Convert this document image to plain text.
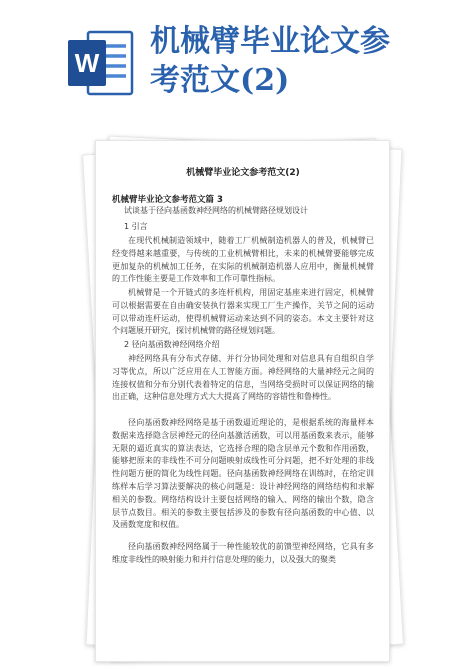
W
机械臂毕业论文参
考范文(2)
机械臂毕业论文参考范文(2)
机械臂毕业论文参考范文篇 3
试谈基于径向基函数神经网络的机械臂路径规划设计
1 引言

在现代机械制造领域中，随着工厂机械制造机器人的普及，机械臂已经变得越来越重要，与传统的工业机械臂相比，未来的机械臂要能够完成更加复杂的机械加工任务，在实际的机械制造机器人应用中，衡量机械臂的工作性能主要是工作效率和工作可靠性指标。

机械臂是一个开链式的多连杆机构，用固定基座来进行固定，机械臂可以根据需要在自由确安装执行器来实现工厂生产操作，关节之间的运动可以带动连杆运动，使得机械臂运动来达到不同的姿态。本文主要针对这个问题展开研究，探讨机械臂的路径规划问题。

2 径向基函数神经网络介绍

神经网络具有分布式存储、并行分协同处理和对信息具有自组织自学习等优点，所以广泛应用在人工智能方面。神经网络的大量神经元之间的连接权值和分布分别代表着特定的信息，当网络受损时可以保证网络的输出正确，这种信息处理方式大大提高了网络的容错性和鲁棒性。

径向基函数神经网络是基于函数逼近理论的，是根据系统的海量样本数据来选择隐含层神经元的径向基激活函数，可以用基函数来表示，能够无限的逼近真实的算法表达，它选择合理的隐含层单元个数和作用函数，能够把原来的非线性不可分问题映射成线性可分问题，把不好处理的非线性问题方便的简化为线性问题。径向基函数神经网络在训练时，在给定训练样本后学习算法要解决的核心问题是：设计神经网络的网络结构和求解相关的参数。网络结构设计主要包括网络的输入、网络的输出个数，隐含层节点数目。相关的参数主要包括涉及的参数有径向基函数的中心值、以及函数宽度和权值。

径向基函数神经网络属于一种性能较优的前馈型神经网络，它具有多维度非线性的映射能力和并行信息处理的能力，以及强大的聚类
